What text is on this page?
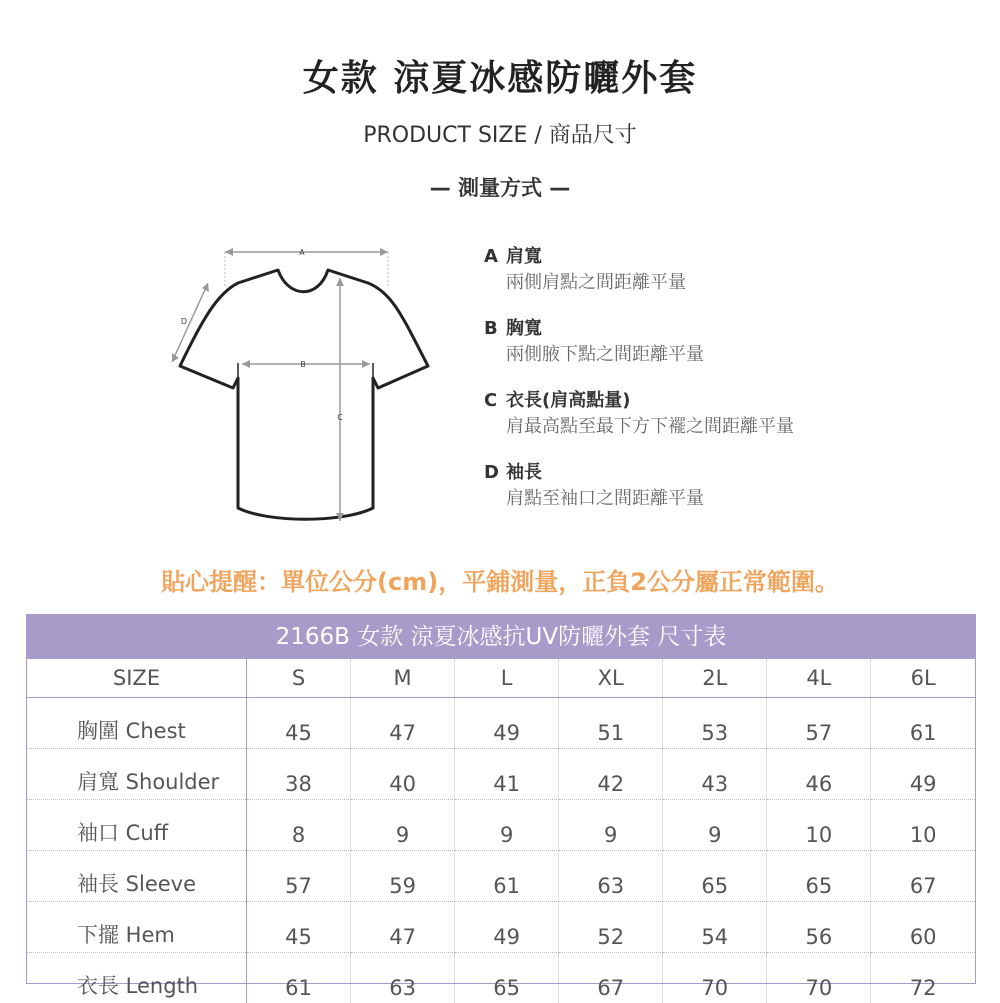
女款 涼夏冰感防曬外套
PRODUCT SIZE / 商品尺寸
— 測量方式 —
A
B
C
D
A 肩寬
兩側肩點之間距離平量
B 胸寬
兩側腋下點之間距離平量
C 衣長(肩高點量)
肩最高點至最下方下襬之間距離平量
D 袖長
肩點至袖口之間距離平量
貼心提醒：單位公分(cm)，平鋪測量，正負2公分屬正常範圍。
2166B 女款 涼夏冰感抗UV防曬外套 尺寸表
SIZE	S	M	L	XL	2L	4L	6L
胸圍 Chest	45	47	49	51	53	57	61
肩寬 Shoulder	38	40	41	42	43	46	49
袖口 Cuff	8	9	9	9	9	10	10
袖長 Sleeve	57	59	61	63	65	65	67
下擺 Hem	45	47	49	52	54	56	60
衣長 Length	61	63	65	67	70	70	72
